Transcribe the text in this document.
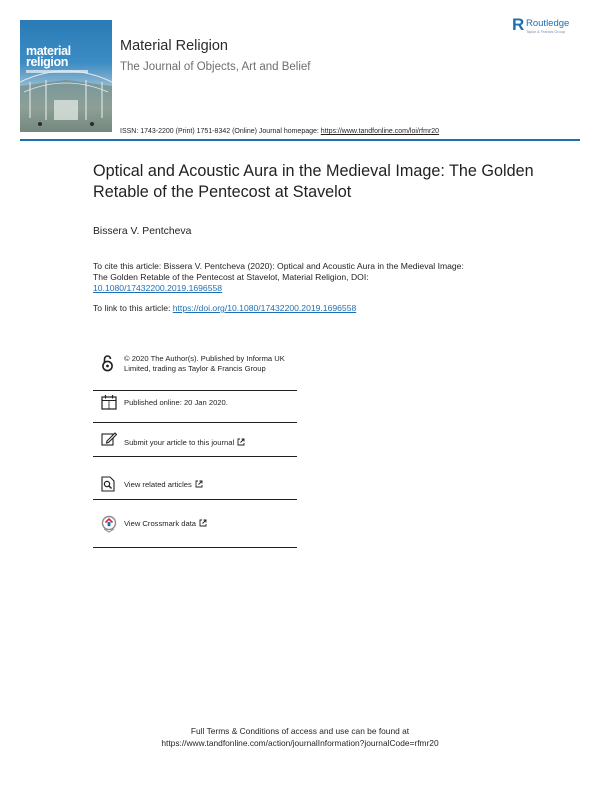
material
religion
Material Religion
The Journal of Objects, Art and Belief
R Routledge
Taylor & Francis Group
ISSN: 1743-2200 (Print) 1751-8342 (Online) Journal homepage: https://www.tandfonline.com/loi/rfmr20
Optical and Acoustic Aura in the Medieval Image: The Golden Retable of the Pentecost at Stavelot
Bissera V. Pentcheva
To cite this article: Bissera V. Pentcheva (2020): Optical and Acoustic Aura in the Medieval Image: The Golden Retable of the Pentecost at Stavelot, Material Religion, DOI: 10.1080/17432200.2019.1696558
To link to this article: https://doi.org/10.1080/17432200.2019.1696558
© 2020 The Author(s). Published by Informa UK Limited, trading as Taylor & Francis Group
Published online: 20 Jan 2020.
Submit your article to this journal
View related articles
View Crossmark data
Full Terms & Conditions of access and use can be found at
https://www.tandfonline.com/action/journalInformation?journalCode=rfmr20
